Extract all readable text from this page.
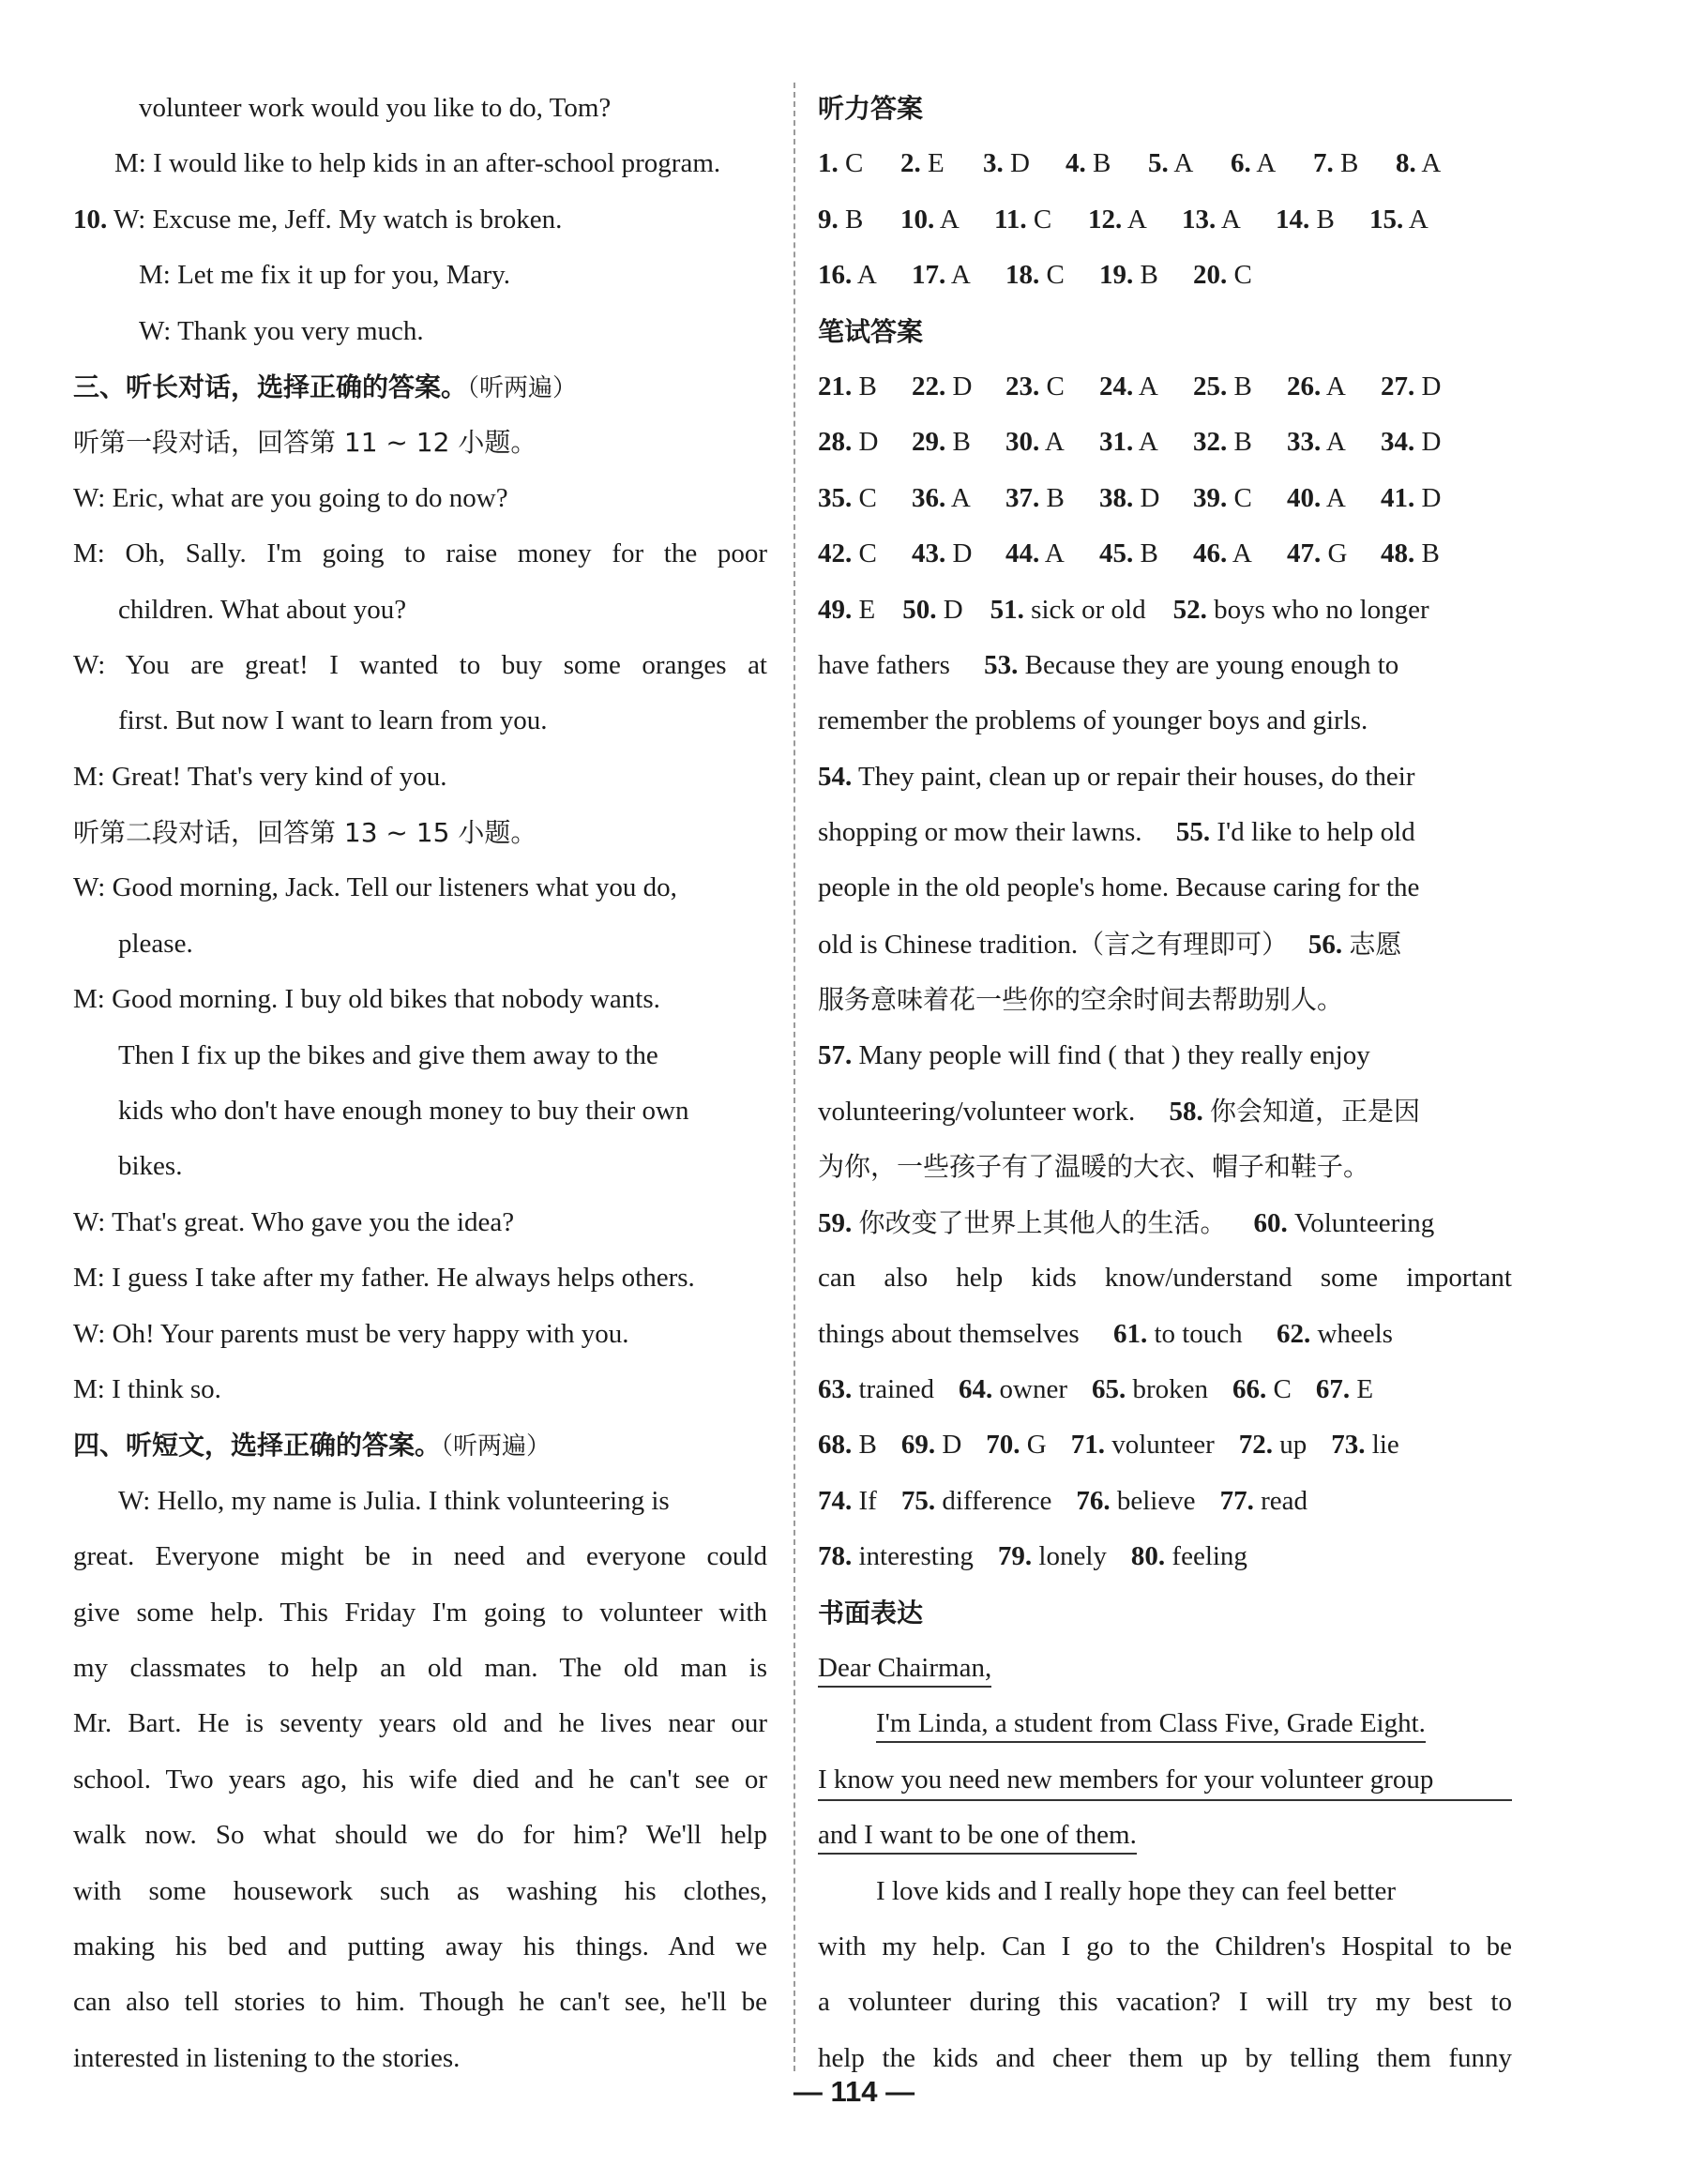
volunteer work would you like to do, Tom?
M: I would like to help kids in an after-school program.
10. W: Excuse me, Jeff. My watch is broken.
M: Let me fix it up for you, Mary.
W: Thank you very much.
三、听长对话，选择正确的答案。（听两遍）
听第一段对话，回答第 11 ~ 12 小题。
W: Eric, what are you going to do now?
M: Oh, Sally. I'm going to raise money for the poor
children. What about you?
W: You are great! I wanted to buy some oranges at
first. But now I want to learn from you.
M: Great! That's very kind of you.
听第二段对话，回答第 13 ~ 15 小题。
W: Good morning, Jack. Tell our listeners what you do,
please.
M: Good morning. I buy old bikes that nobody wants.
Then I fix up the bikes and give them away to the
kids who don't have enough money to buy their own
bikes.
W: That's great. Who gave you the idea?
M: I guess I take after my father. He always helps others.
W: Oh! Your parents must be very happy with you.
M: I think so.
四、听短文，选择正确的答案。（听两遍）
W: Hello, my name is Julia. I think volunteering is
great. Everyone might be in need and everyone could
give some help. This Friday I'm going to volunteer with
my classmates to help an old man. The old man is
Mr. Bart. He is seventy years old and he lives near our
school. Two years ago, his wife died and he can't see or
walk now. So what should we do for him? We'll help
with some housework such as washing his clothes,
making his bed and putting away his things. And we
can also tell stories to him. Though he can't see, he'll be
interested in listening to the stories.
听力答案
1. C	2. E	3. D	4. B	5. A	6. A	7. B	8. A
9. B	10. A	11. C	12. A	13. A	14. B	15. A
16. A	17. A	18. C	19. B	20. C
笔试答案
21. B	22. D	23. C	24. A	25. B	26. A	27. D
28. D	29. B	30. A	31. A	32. B	33. A	34. D
35. C	36. A	37. B	38. D	39. C	40. A	41. D
42. C	43. D	44. A	45. B	46. A	47. G	48. B
49. E 50. D 51. sick or old 52. boys who no longer
have fathers 53. Because they are young enough to
remember the problems of younger boys and girls.
54. They paint, clean up or repair their houses, do their
shopping or mow their lawns. 55. I'd like to help old
people in the old people's home. Because caring for the
old is Chinese tradition.（言之有理即可） 56. 志愿
服务意味着花一些你的空余时间去帮助别人。
57. Many people will find ( that ) they really enjoy
volunteering/volunteer work. 58. 你会知道，正是因
为你，一些孩子有了温暖的大衣、帽子和鞋子。
59. 你改变了世界上其他人的生活。 60. Volunteering
can also help kids know/understand some important
things about themselves 61. to touch 62. wheels
63. trained 64. owner 65. broken 66. C 67. E
68. B 69. D 70. G 71. volunteer 72. up 73. lie
74. If 75. difference 76. believe 77. read
78. interesting 79. lonely 80. feeling
书面表达
Dear Chairman,
I'm Linda, a student from Class Five, Grade Eight.
I know you need new members for your volunteer group
and I want to be one of them.
I love kids and I really hope they can feel better
with my help. Can I go to the Children's Hospital to be
a volunteer during this vacation? I will try my best to
help the kids and cheer them up by telling them funny
— 114 —
